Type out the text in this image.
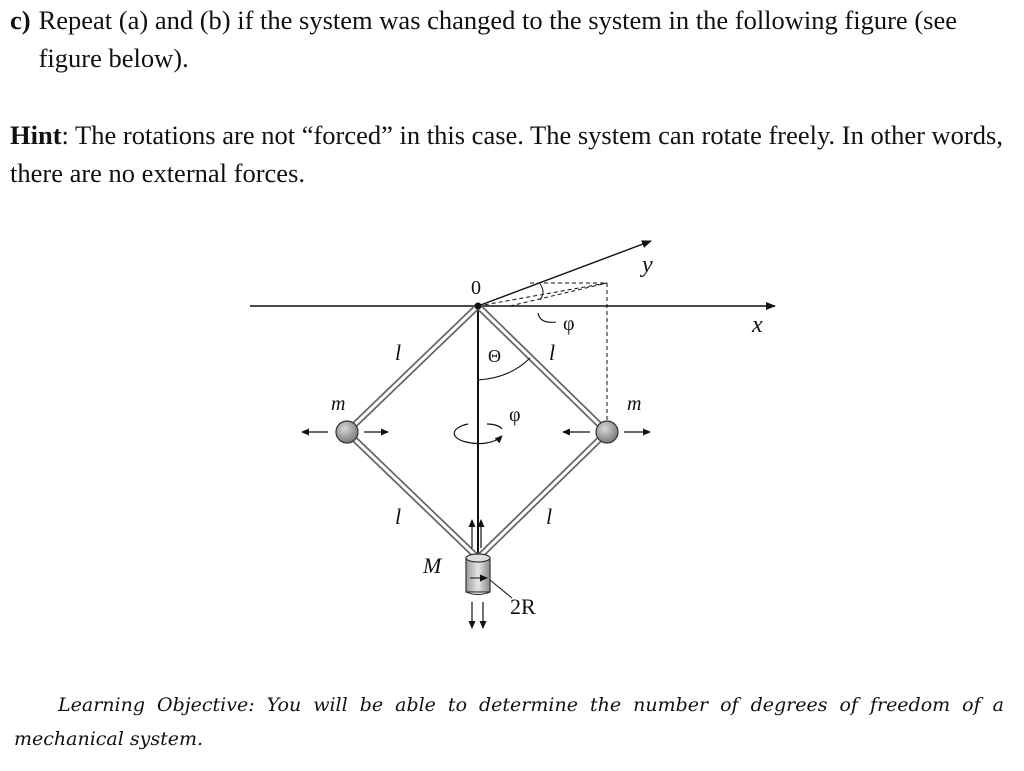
c) Repeat (a) and (b) if the system was changed to the system in the following figure (see figure below).

Hint: The rotations are not “forced” in this case. The system can rotate freely. In other words, there are no external forces.

0
x
y
φ
Θ
φ
l	l
l	l
m	m
M
2R

Learning Objective: You will be able to determine the number of degrees of freedom of a mechanical system.
